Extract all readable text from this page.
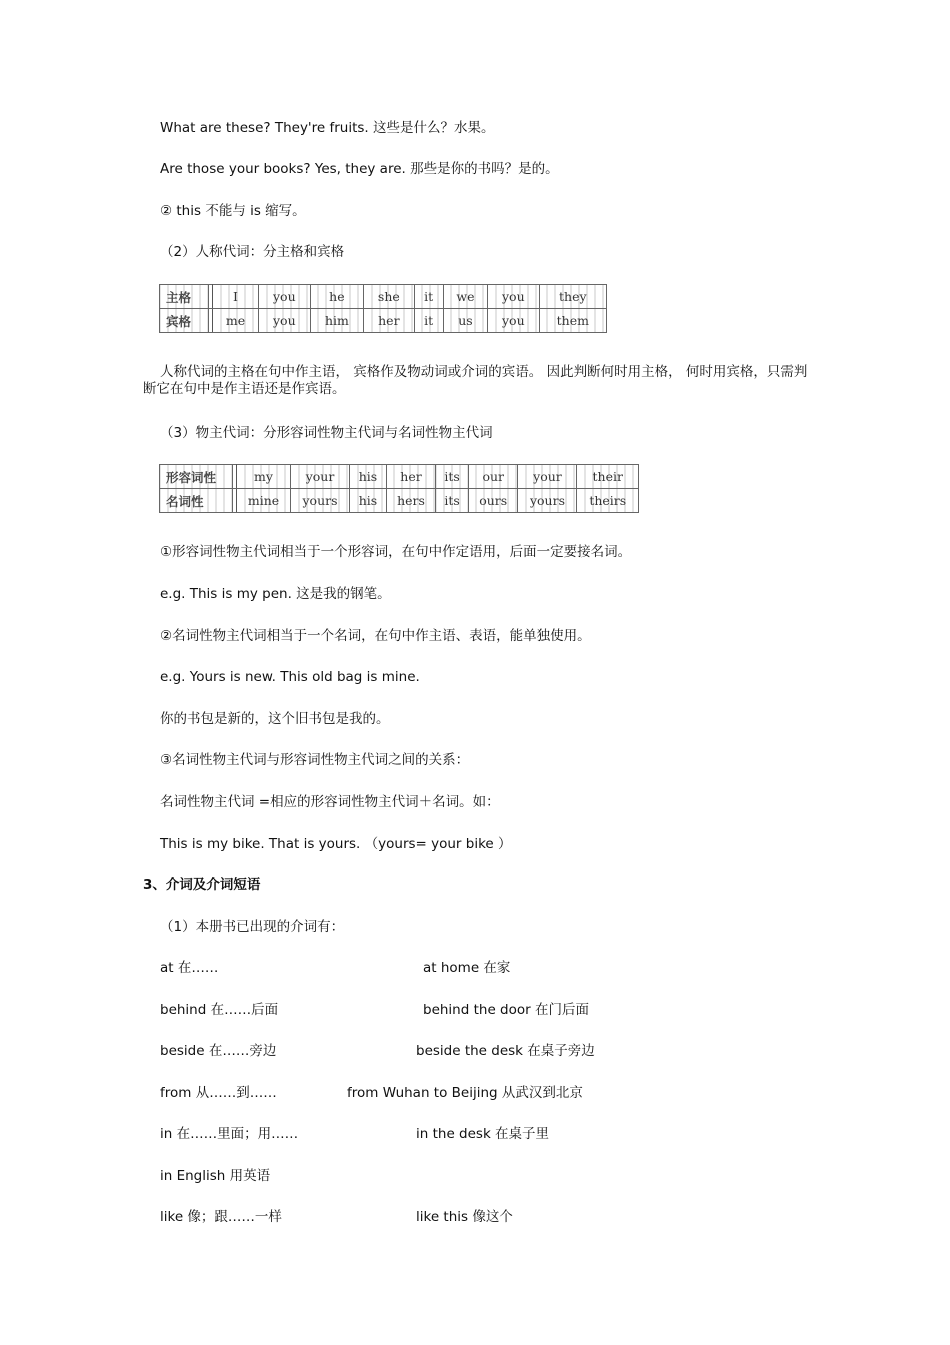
What are these? They're fruits. 这些是什么？水果。
Are those your books? Yes, they are. 那些是你的书吗？是的。
② this 不能与 is 缩写。
（2）人称代词：分主格和宾格
主格		I	you	he	she	it	we	you	they
宾格		me	you	him	her	it	us	you	them
人称代词的主格在句中作主语， 宾格作及物动词或介词的宾语。 因此判断何时用主格， 何时用宾格，只需判断它在句中是作主语还是作宾语。
（3）物主代词：分形容词性物主代词与名词性物主代词
形容词性		my	your	his	her	its	our	your	their
名词性		mine	yours	his	hers	its	ours	yours	theirs
①形容词性物主代词相当于一个形容词，在句中作定语用，后面一定要接名词。
e.g. This is my pen. 这是我的钢笔。
②名词性物主代词相当于一个名词，在句中作主语、表语，能单独使用。
e.g. Yours is new. This old bag is mine.
你的书包是新的，这个旧书包是我的。
③名词性物主代词与形容词性物主代词之间的关系：
名词性物主代词 =相应的形容词性物主代词＋名词。如：
This is my bike. That is yours. （yours= your bike ）
3、介词及介词短语
（1）本册书已出现的介词有：
at 在……	at home 在家
behind 在……后面	behind the door 在门后面
beside 在……旁边	beside the desk 在桌子旁边
from 从……到……	from Wuhan to Beijing 从武汉到北京
in 在……里面；用……	in the desk 在桌子里
in English 用英语
like 像；跟……一样	like this 像这个
